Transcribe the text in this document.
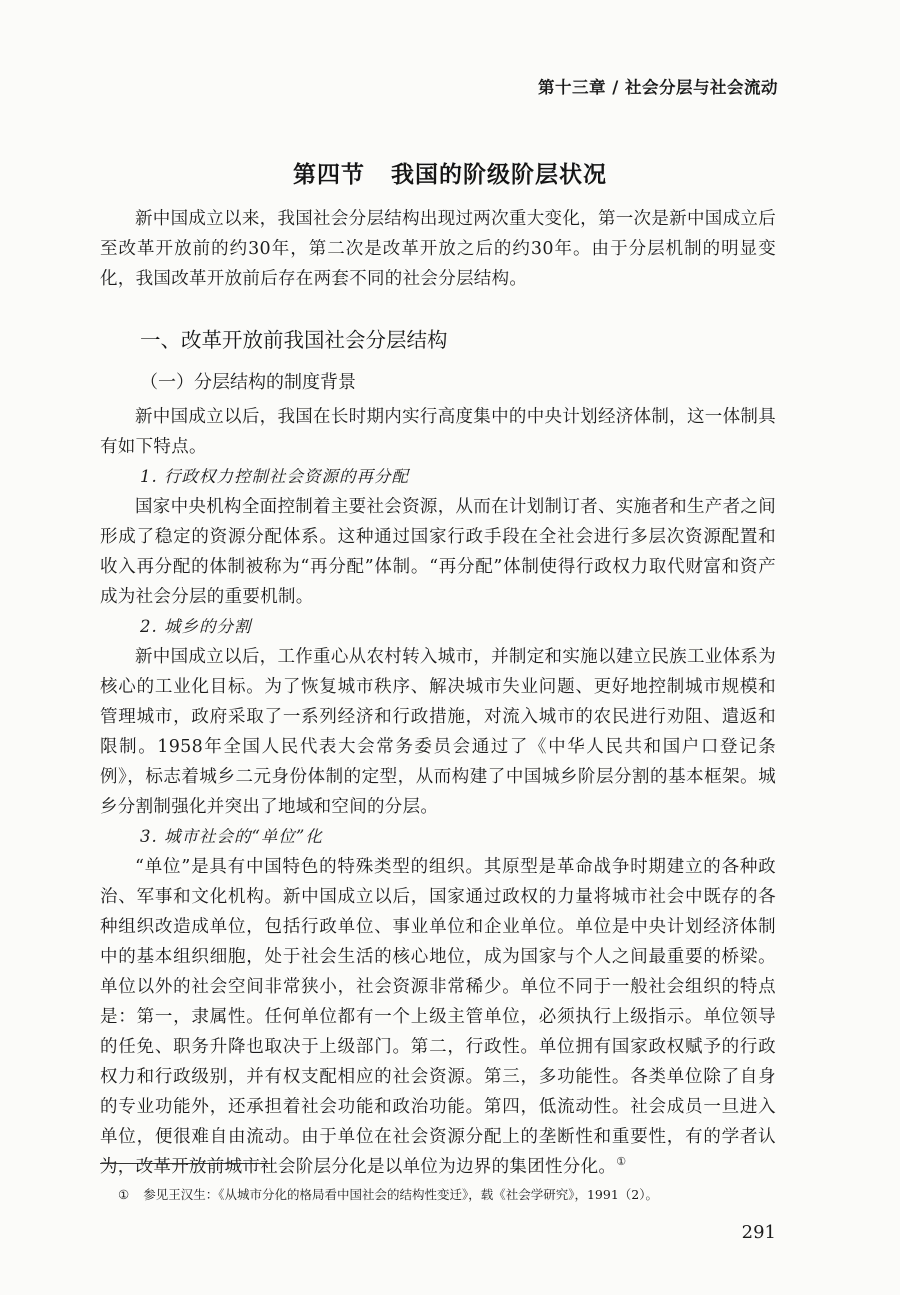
第十三章 / 社会分层与社会流动
第四节 我国的阶级阶层状况

新中国成立以来，我国社会分层结构出现过两次重大变化，第一次是新中国成立后至改革开放前的约30年，第二次是改革开放之后的约30年。由于分层机制的明显变化，我国改革开放前后存在两套不同的社会分层结构。

一、改革开放前我国社会分层结构
（一）分层结构的制度背景

新中国成立以后，我国在长时期内实行高度集中的中央计划经济体制，这一体制具有如下特点。

1. 行政权力控制社会资源的再分配

国家中央机构全面控制着主要社会资源，从而在计划制订者、实施者和生产者之间形成了稳定的资源分配体系。这种通过国家行政手段在全社会进行多层次资源配置和收入再分配的体制被称为“再分配”体制。“再分配”体制使得行政权力取代财富和资产成为社会分层的重要机制。

2. 城乡的分割

新中国成立以后，工作重心从农村转入城市，并制定和实施以建立民族工业体系为核心的工业化目标。为了恢复城市秩序、解决城市失业问题、更好地控制城市规模和管理城市，政府采取了一系列经济和行政措施，对流入城市的农民进行劝阻、遣返和限制。1958年全国人民代表大会常务委员会通过了《中华人民共和国户口登记条例》，标志着城乡二元身份体制的定型，从而构建了中国城乡阶层分割的基本框架。城乡分割制强化并突出了地域和空间的分层。

3. 城市社会的“单位”化

“单位”是具有中国特色的特殊类型的组织。其原型是革命战争时期建立的各种政治、军事和文化机构。新中国成立以后，国家通过政权的力量将城市社会中既存的各种组织改造成单位，包括行政单位、事业单位和企业单位。单位是中央计划经济体制中的基本组织细胞，处于社会生活的核心地位，成为国家与个人之间最重要的桥梁。单位以外的社会空间非常狭小，社会资源非常稀少。单位不同于一般社会组织的特点是：第一，隶属性。任何单位都有一个上级主管单位，必须执行上级指示。单位领导的任免、职务升降也取决于上级部门。第二，行政性。单位拥有国家政权赋予的行政权力和行政级别，并有权支配相应的社会资源。第三，多功能性。各类单位除了自身的专业功能外，还承担着社会功能和政治功能。第四，低流动性。社会成员一旦进入单位，便很难自由流动。由于单位在社会资源分配上的垄断性和重要性，有的学者认为，改革开放前城市社会阶层分化是以单位为边界的集团性分化。①

① 参见王汉生：《从城市分化的格局看中国社会的结构性变迁》，载《社会学研究》，1991（2）。
291
